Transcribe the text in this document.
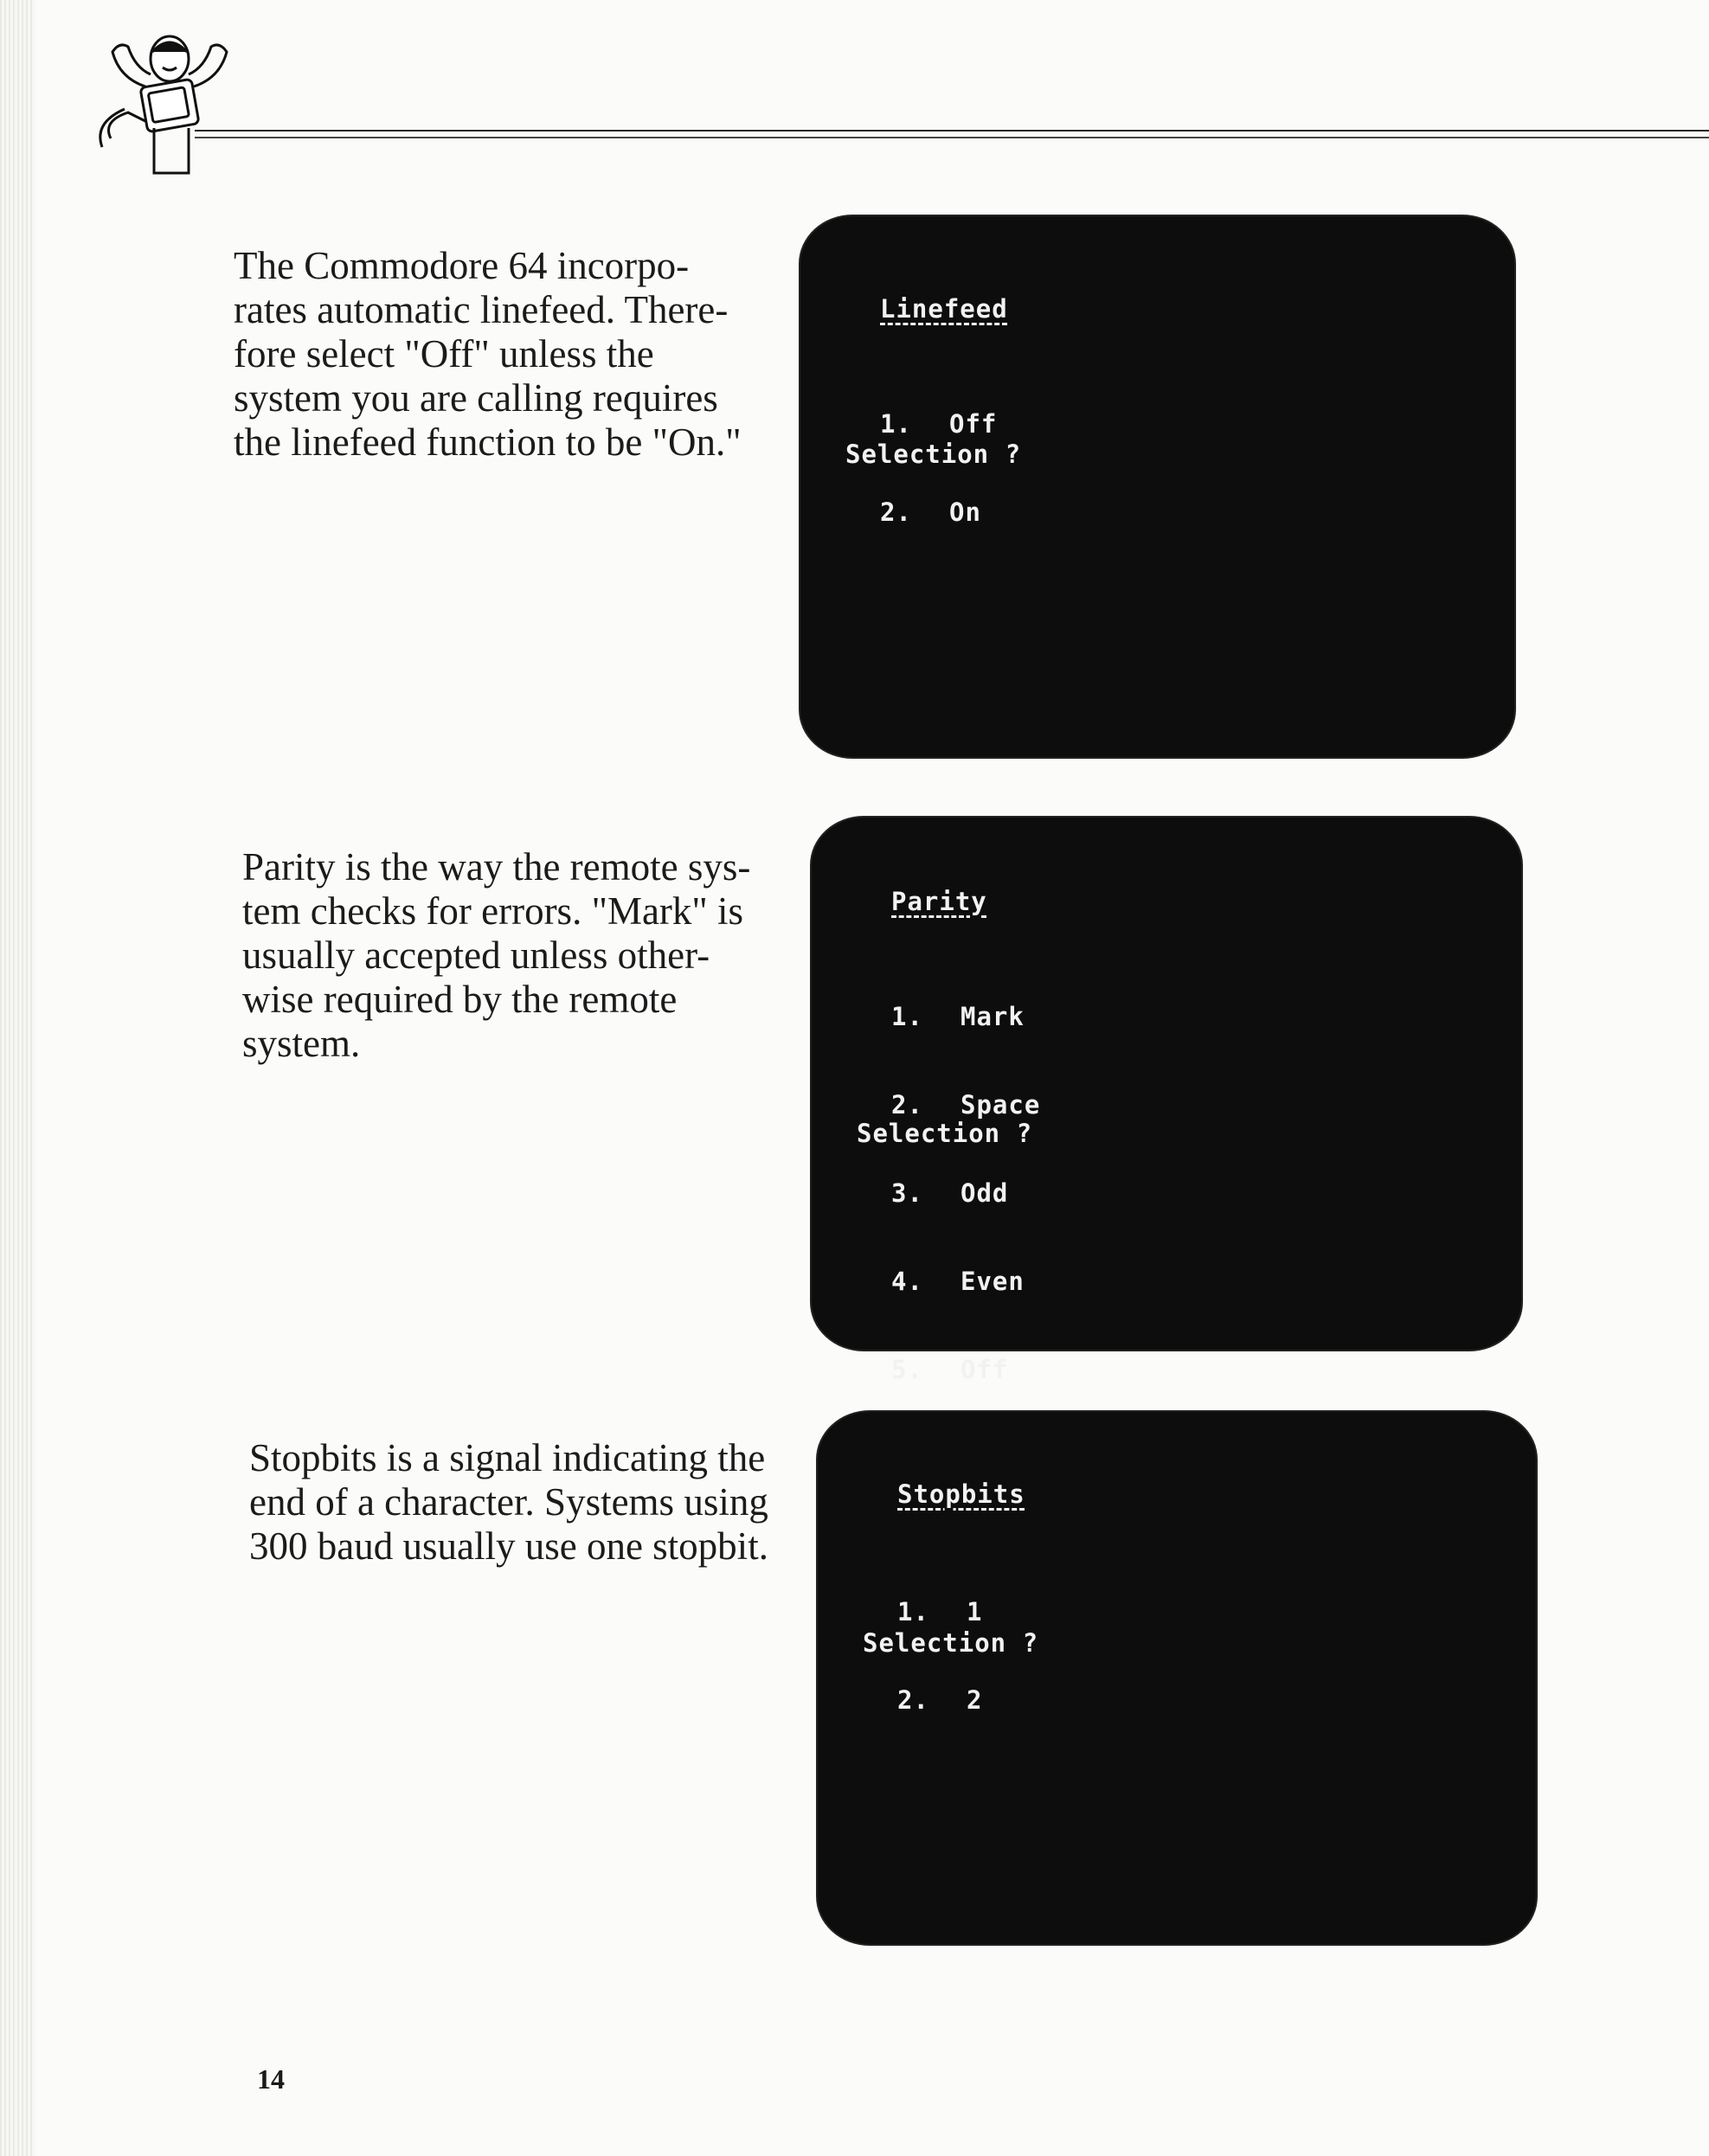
The Commodore 64 incorpo-
rates automatic linefeed. There-
fore select "Off" unless the
system you are calling requires
the linefeed function to be "On."
Linefeed

1. Off

2. On

Selection ?
Parity is the way the remote sys-
tem checks for errors. "Mark" is
usually accepted unless other-
wise required by the remote
system.
Parity

1. Mark

2. Space

3. Odd

4. Even

5. Off

Selection ?
Stopbits is a signal indicating the
end of a character. Systems using
300 baud usually use one stopbit.
Stopbits

1. 1

2. 2

Selection ?
14
